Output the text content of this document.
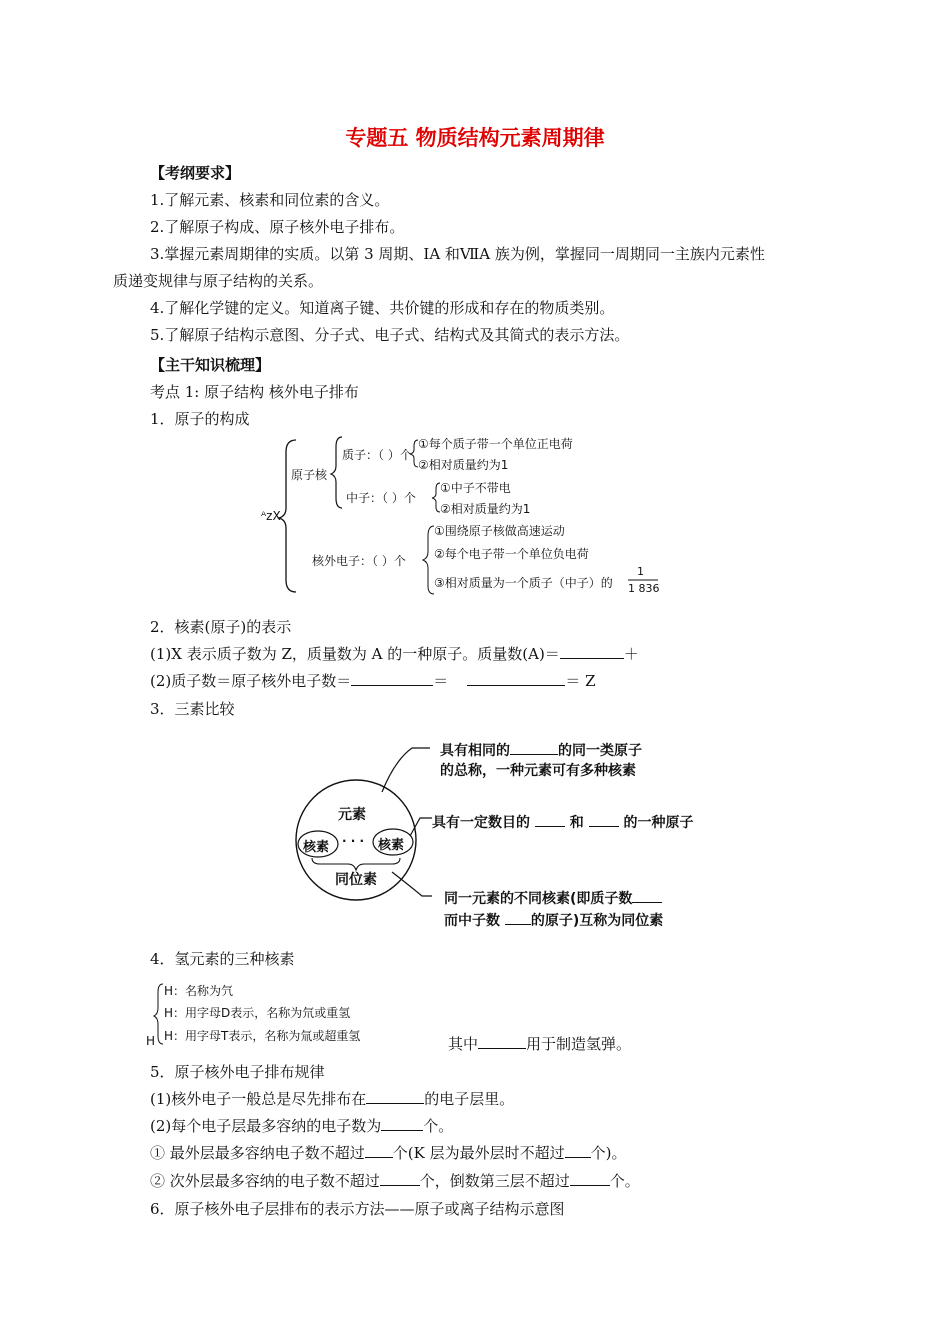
专题五 物质结构元素周期律
【考纲要求】
1.了解元素、核素和同位素的含义。
2.了解原子构成、原子核外电子排布。
3.掌握元素周期律的实质。以第 3 周期、ⅠA 和ⅦA 族为例，掌握同一周期同一主族内元素性
质递变规律与原子结构的关系。
4.了解化学键的定义。知道离子键、共价键的形成和存在的物质类别。
5.了解原子结构示意图、分子式、电子式、结构式及其简式的表示方法。
【主干知识梳理】
考点 1: 原子结构 核外电子排布
1．原子的构成
ᴬzX
原子核
质子：（ ）个
①每个质子带一个单位正电荷
②相对质量约为1
中子：（ ）个
①中子不带电
②相对质量约为1
核外电子：（ ）个
①围绕原子核做高速运动
②每个电子带一个单位负电荷
③相对质量为一个质子（中子）的
1
1 836
2．核素(原子)的表示
(1)X 表示质子数为 Z，质量数为 A 的一种原子。质量数(A)＝	＋
(2)质子数＝原子核外电子数＝	＝	＝ Z
3．三素比较
元素
核素	核素
· · ·
同位素
具有相同的	的同一类原子
的总称，一种元素可有多种核素
具有一定数目的	和	的一种原子
同一元素的不同核素(即质子数
而中子数 的原子)互称为同位素
4．氢元素的三种核素
H
H：名称为氕
H：用字母D表示，名称为氘或重氢
H：用字母T表示，名称为氚或超重氢	其中	用于制造氢弹。
5．原子核外电子排布规律
(1)核外电子一般总是尽先排布在	的电子层里。
(2)每个电子层最多容纳的电子数为	个。
① 最外层最多容纳电子数不超过 个(K 层为最外层时不超过 个)。
② 次外层最多容纳的电子数不超过	个，倒数第三层不超过	个。
6．原子核外电子层排布的表示方法——原子或离子结构示意图
